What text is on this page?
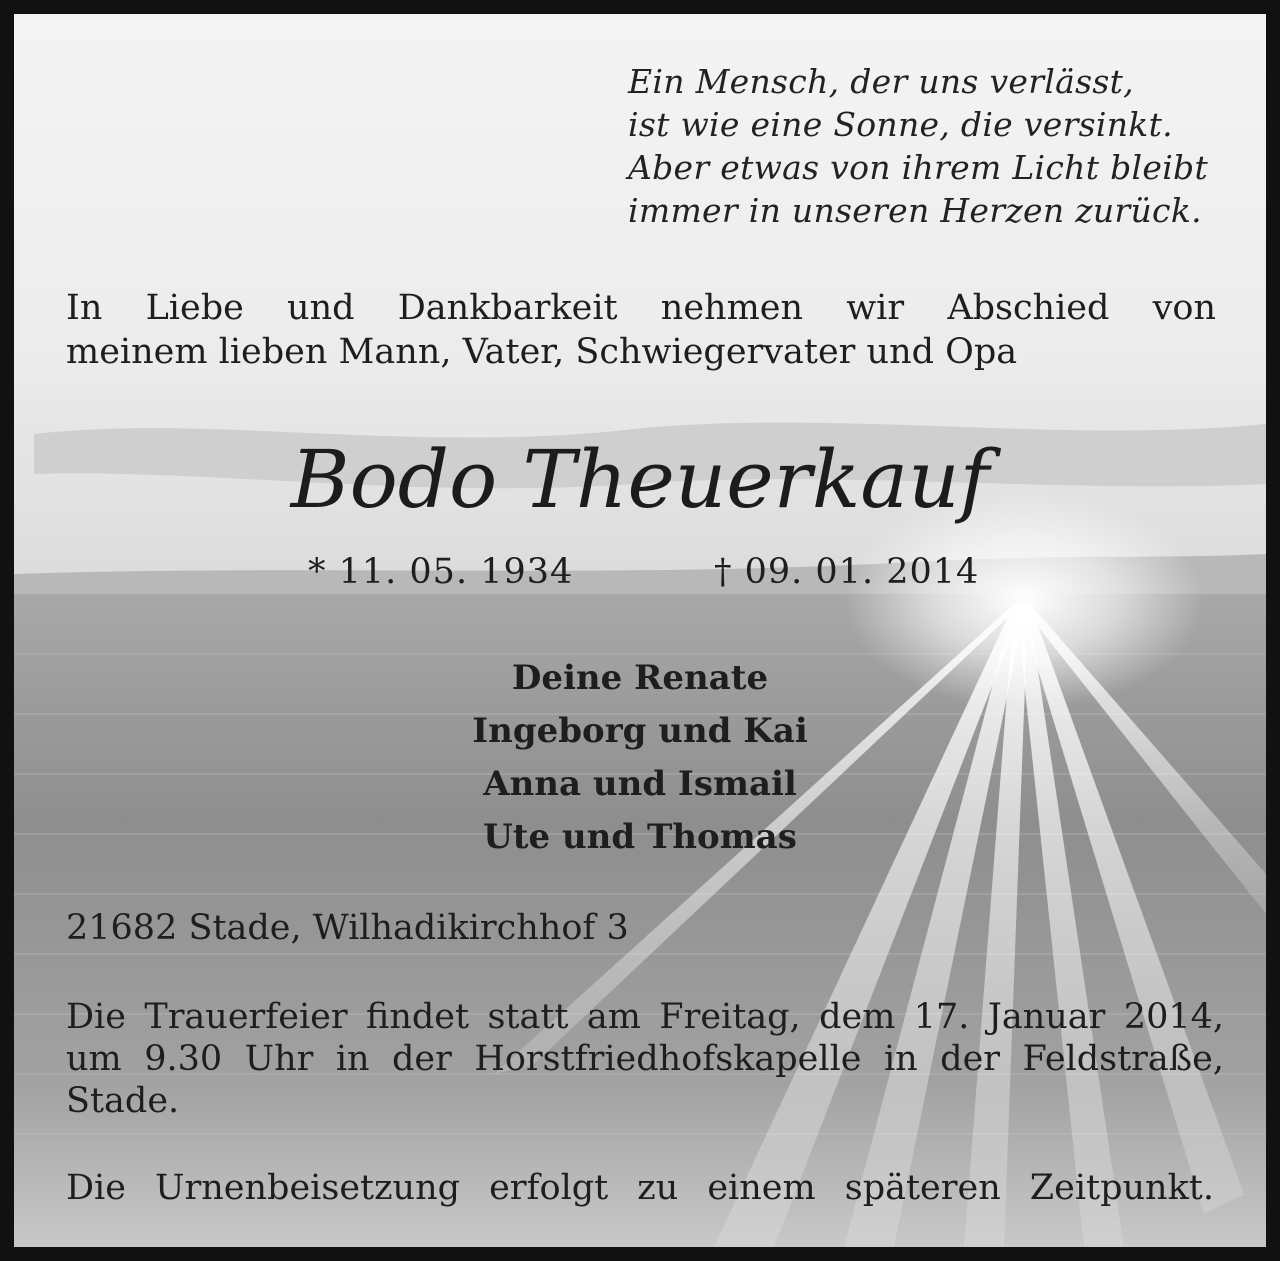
Ein Mensch, der uns verlässt,
ist wie eine Sonne, die versinkt.
Aber etwas von ihrem Licht bleibt
immer in unseren Herzen zurück.
In Liebe und Dankbarkeit nehmen wir Abschied von
meinem lieben Mann, Vater, Schwiegervater und Opa
Bodo Theuerkauf
* 11. 05. 1934	† 09. 01. 2014
Deine Renate
Ingeborg und Kai
Anna und Ismail
Ute und Thomas
21682 Stade, Wilhadikirchhof 3
Die Trauerfeier findet statt am Freitag, dem 17. Januar 2014,
um 9.30 Uhr in der Horstfriedhofskapelle in der Feldstraße,
Stade.
Die Urnenbeisetzung erfolgt zu einem späteren Zeitpunkt.
